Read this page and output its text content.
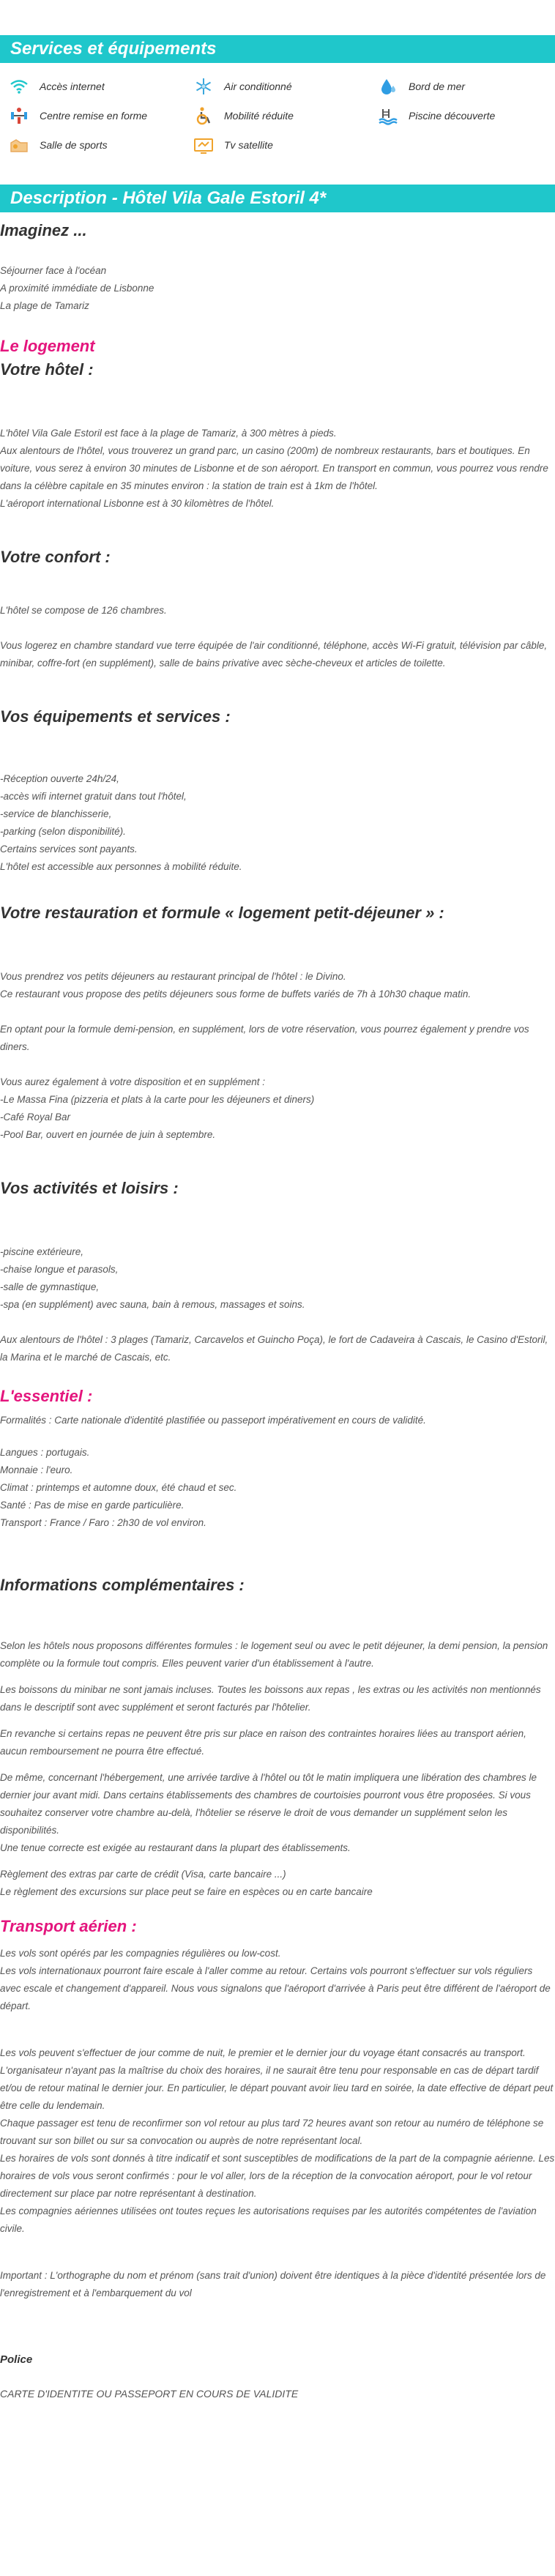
Services et équipements
Accès internet	Air conditionné	Bord de mer
Centre remise en forme	Mobilité réduite	Piscine découverte
Salle de sports	Tv satellite
Description - Hôtel Vila Gale Estoril 4*
Imaginez ...

Séjourner face à l'océan

A proximité immédiate de Lisbonne

La plage de Tamariz

Le logement
Votre hôtel :

L'hôtel Vila Gale Estoril est face à la plage de Tamariz, à 300 mètres à pieds.

Aux alentours de l'hôtel, vous trouverez un grand parc, un casino (200m) de nombreux restaurants, bars et boutiques. En voiture, vous serez à environ 30 minutes de Lisbonne et de son aéroport. En transport en commun, vous pourrez vous rendre dans la célèbre capitale en 35 minutes environ : la station de train est à 1km de l'hôtel.

L'aéroport international Lisbonne est à 30 kilomètres de l'hôtel.

Votre confort :

L'hôtel se compose de 126 chambres.

Vous logerez en chambre standard vue terre équipée de l'air conditionné, téléphone, accès Wi-Fi gratuit, télévision par câble, minibar, coffre-fort (en supplément), salle de bains privative avec sèche-cheveux et articles de toilette.

Vos équipements et services :

-Réception ouverte 24h/24,

-accès wifi internet gratuit dans tout l'hôtel,

-service de blanchisserie,

-parking (selon disponibilité).

Certains services sont payants.

L'hôtel est accessible aux personnes à mobilité réduite.

Votre restauration et formule « logement petit-déjeuner » :

Vous prendrez vos petits déjeuners au restaurant principal de l'hôtel : le Divino.

Ce restaurant vous propose des petits déjeuners sous forme de buffets variés de 7h à 10h30 chaque matin.

En optant pour la formule demi-pension, en supplément, lors de votre réservation, vous pourrez également y prendre vos diners.

Vous aurez également à votre disposition et en supplément :

-Le Massa Fina (pizzeria et plats à la carte pour les déjeuners et diners)

-Café Royal Bar

-Pool Bar, ouvert en journée de juin à septembre.

Vos activités et loisirs :

-piscine extérieure,

-chaise longue et parasols,

-salle de gymnastique,

-spa (en supplément) avec sauna, bain à remous, massages et soins.

Aux alentours de l'hôtel : 3 plages (Tamariz, Carcavelos et Guincho Poça), le fort de Cadaveira à Cascais, le Casino d'Estoril, la Marina et le marché de Cascais, etc.

L'essentiel :

Formalités : Carte nationale d'identité plastifiée ou passeport impérativement en cours de validité.

Langues : portugais.

Monnaie : l'euro.

Climat : printemps et automne doux, été chaud et sec.

Santé : Pas de mise en garde particulière.

Transport : France / Faro : 2h30 de vol environ.

Informations complémentaires :

Selon les hôtels nous proposons différentes formules : le logement seul ou avec le petit déjeuner, la demi pension, la pension complète ou la formule tout compris. Elles peuvent varier d'un établissement à l'autre.

Les boissons du minibar ne sont jamais incluses. Toutes les boissons aux repas , les extras ou les activités non mentionnés dans le descriptif sont avec supplément et seront facturés par l'hôtelier.

En revanche si certains repas ne peuvent être pris sur place en raison des contraintes horaires liées au transport aérien, aucun remboursement ne pourra être effectué.

De même, concernant l'hébergement, une arrivée tardive à l'hôtel ou tôt le matin impliquera une libération des chambres le dernier jour avant midi. Dans certains établissements des chambres de courtoisies pourront vous être proposées. Si vous souhaitez conserver votre chambre au-delà, l'hôtelier se réserve le droit de vous demander un supplément selon les disponibilités.

Une tenue correcte est exigée au restaurant dans la plupart des établissements.

Règlement des extras par carte de crédit (Visa, carte bancaire ...)

Le règlement des excursions sur place peut se faire en espèces ou en carte bancaire

Transport aérien :

Les vols sont opérés par les compagnies régulières ou low-cost.

Les vols internationaux pourront faire escale à l'aller comme au retour. Certains vols pourront s'effectuer sur vols réguliers avec escale et changement d'appareil. Nous vous signalons que l'aéroport d'arrivée à Paris peut être différent de l'aéroport de départ.

Les vols peuvent s'effectuer de jour comme de nuit, le premier et le dernier jour du voyage étant consacrés au transport. L'organisateur n'ayant pas la maîtrise du choix des horaires, il ne saurait être tenu pour responsable en cas de départ tardif et/ou de retour matinal le dernier jour. En particulier, le départ pouvant avoir lieu tard en soirée, la date effective de départ peut être celle du lendemain.

Chaque passager est tenu de reconfirmer son vol retour au plus tard 72 heures avant son retour au numéro de téléphone se trouvant sur son billet ou sur sa convocation ou auprès de notre représentant local.

Les horaires de vols sont donnés à titre indicatif et sont susceptibles de modifications de la part de la compagnie aérienne. Les horaires de vols vous seront confirmés : pour le vol aller, lors de la réception de la convocation aéroport, pour le vol retour directement sur place par notre représentant à destination.

Les compagnies aériennes utilisées ont toutes reçues les autorisations requises par les autorités compétentes de l'aviation civile.

Important : L'orthographe du nom et prénom (sans trait d'union) doivent être identiques à la pièce d'identité présentée lors de l'enregistrement et à l'embarquement du vol

Police

CARTE D'IDENTITE OU PASSEPORT EN COURS DE VALIDITE
